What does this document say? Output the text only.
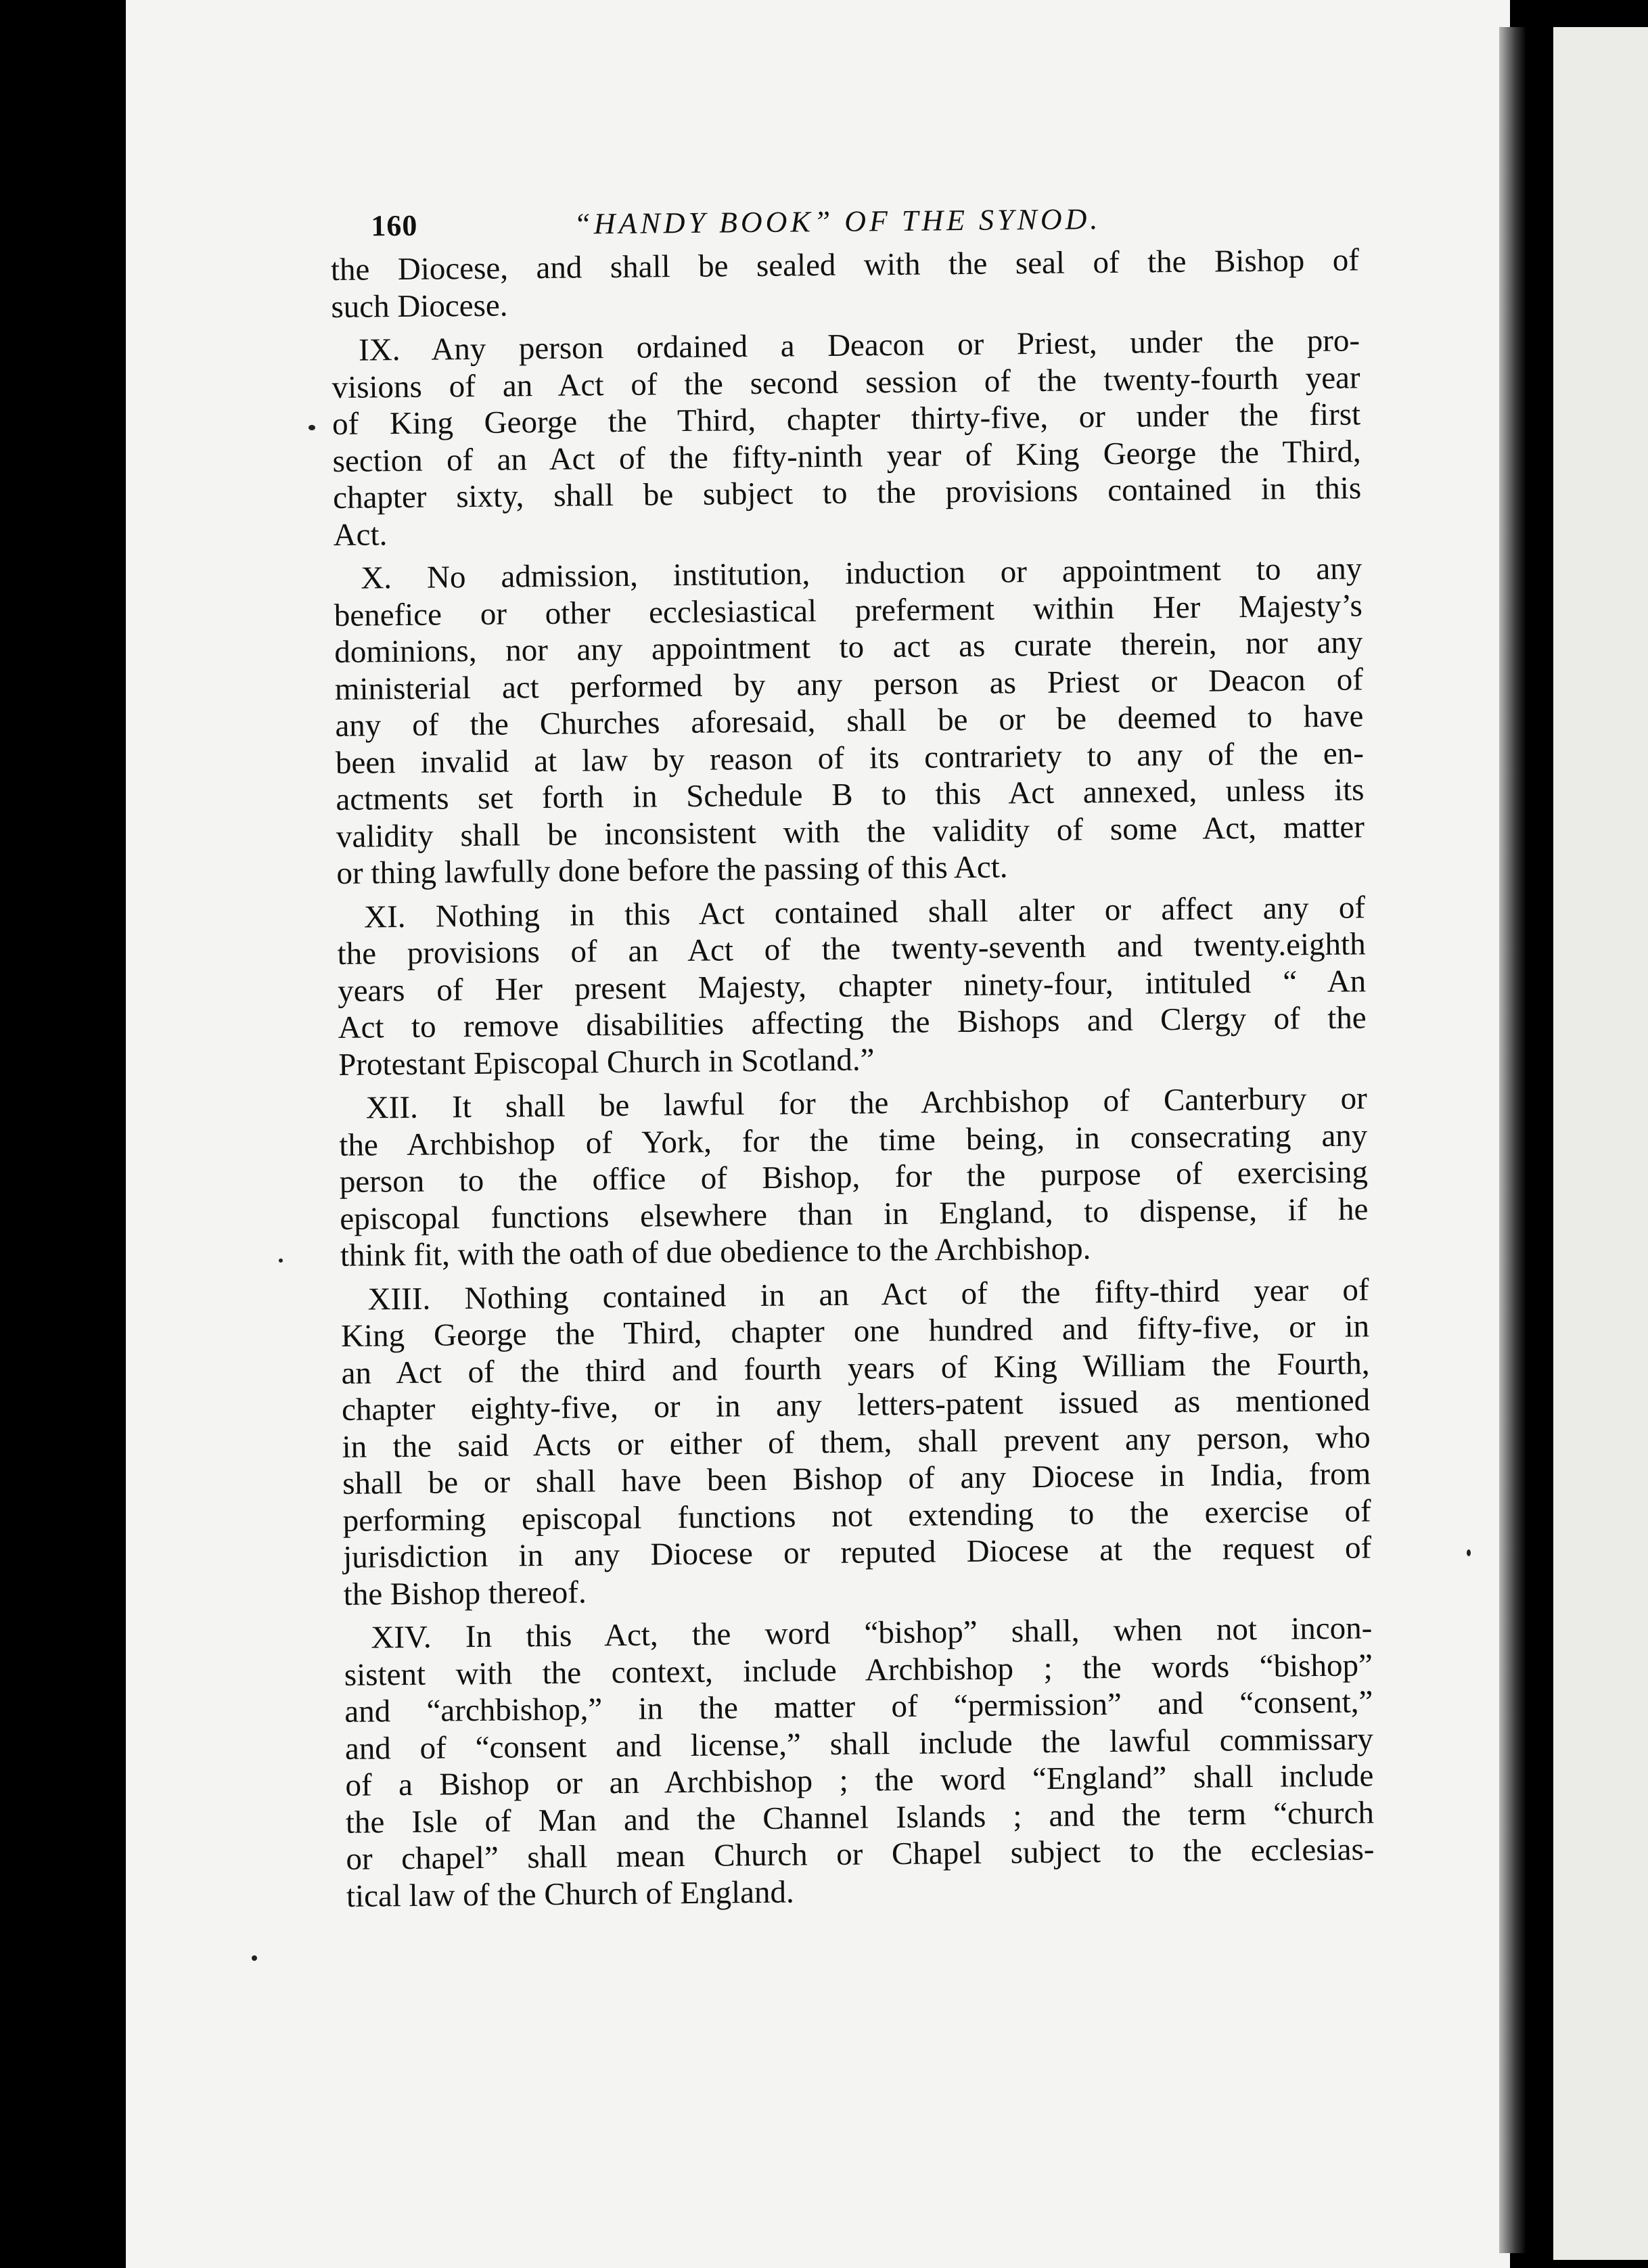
160	“HANDY BOOK” OF THE SYNOD.
the Diocese, and shall be sealed with the seal of the Bishop of
such Diocese.
IX. Any person ordained a Deacon or Priest, under the pro-
visions of an Act of the second session of the twenty-fourth year
of King George the Third, chapter thirty-five, or under the first
section of an Act of the fifty-ninth year of King George the Third,
chapter sixty, shall be subject to the provisions contained in this
Act.
X. No admission, institution, induction or appointment to any
benefice or other ecclesiastical preferment within Her Majesty’s
dominions, nor any appointment to act as curate therein, nor any
ministerial act performed by any person as Priest or Deacon of
any of the Churches aforesaid, shall be or be deemed to have
been invalid at law by reason of its contrariety to any of the en-
actments set forth in Schedule B to this Act annexed, unless its
validity shall be inconsistent with the validity of some Act, matter
or thing lawfully done before the passing of this Act.
XI. Nothing in this Act contained shall alter or affect any of
the provisions of an Act of the twenty-seventh and twenty.eighth
years of Her present Majesty, chapter ninety-four, intituled “ An
Act to remove disabilities affecting the Bishops and Clergy of the
Protestant Episcopal Church in Scotland.”
XII. It shall be lawful for the Archbishop of Canterbury or
the Archbishop of York, for the time being, in consecrating any
person to the office of Bishop, for the purpose of exercising
episcopal functions elsewhere than in England, to dispense, if he
think fit, with the oath of due obedience to the Archbishop.
XIII. Nothing contained in an Act of the fifty-third year of
King George the Third, chapter one hundred and fifty-five, or in
an Act of the third and fourth years of King William the Fourth,
chapter eighty-five, or in any letters-patent issued as mentioned
in the said Acts or either of them, shall prevent any person, who
shall be or shall have been Bishop of any Diocese in India, from
performing episcopal functions not extending to the exercise of
jurisdiction in any Diocese or reputed Diocese at the request of
the Bishop thereof.
XIV. In this Act, the word “bishop” shall, when not incon-
sistent with the context, include Archbishop ; the words “bishop”
and “archbishop,” in the matter of “permission” and “consent,”
and of “consent and license,” shall include the lawful commissary
of a Bishop or an Archbishop ; the word “England” shall include
the Isle of Man and the Channel Islands ; and the term “church
or chapel” shall mean Church or Chapel subject to the ecclesias-
tical law of the Church of England.
